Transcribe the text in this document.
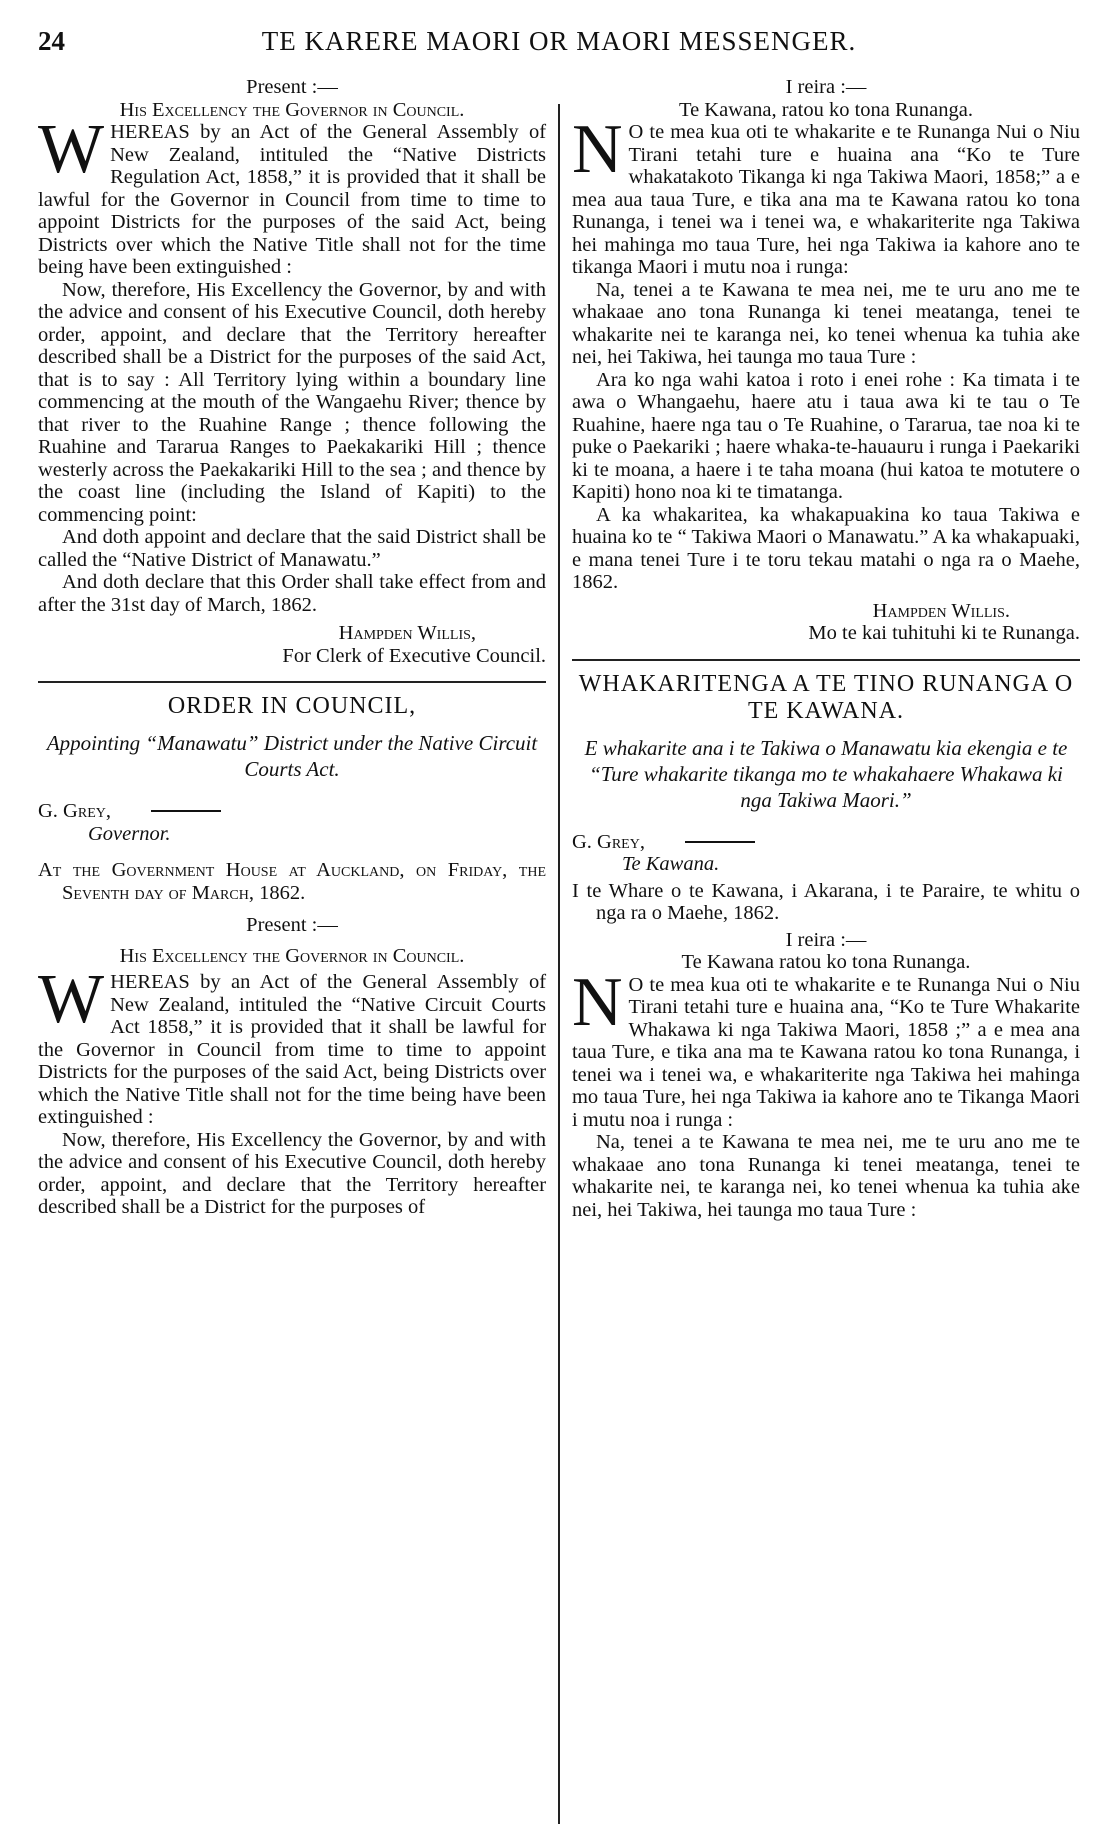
24	TE KARERE MAORI OR MAORI MESSENGER.

Present :—

His Excellency the Governor in Council.

WHEREAS by an Act of the General Assembly of New Zealand, intituled the “Native Districts Regulation Act, 1858,” it is provided that it shall be lawful for the Governor in Council from time to time to appoint Districts for the purposes of the said Act, being Districts over which the Native Title shall not for the time being have been extinguished :

Now, therefore, His Excellency the Governor, by and with the advice and consent of his Executive Council, doth hereby order, appoint, and declare that the Territory hereafter described shall be a District for the purposes of the said Act, that is to say : All Territory lying within a boundary line commencing at the mouth of the Wangaehu River; thence by that river to the Ruahine Range ; thence following the Ruahine and Tararua Ranges to Paekakariki Hill ; thence westerly across the Paekakariki Hill to the sea ; and thence by the coast line (including the Island of Kapiti) to the commencing point:

And doth appoint and declare that the said District shall be called the “Native District of Manawatu.”

And doth declare that this Order shall take effect from and after the 31st day of March, 1862.

Hampden Willis,

For Clerk of Executive Council.

ORDER IN COUNCIL,
Appointing “Manawatu” District under the Native Circuit Courts Act.

G. Grey,

Governor.

At the Government House at Auckland, on Friday, the Seventh day of March, 1862.

Present :—

His Excellency the Governor in Council.

WHEREAS by an Act of the General Assembly of New Zealand, intituled the “Native Circuit Courts Act 1858,” it is provided that it shall be lawful for the Governor in Council from time to time to appoint Districts for the purposes of the said Act, being Districts over which the Native Title shall not for the time being have been extinguished :

Now, therefore, His Excellency the Governor, by and with the advice and consent of his Executive Council, doth hereby order, appoint, and declare that the Territory hereafter described shall be a District for the purposes of

I reira :—

Te Kawana, ratou ko tona Runanga.

N O te mea kua oti te whakarite e te Runanga Nui o Niu Tirani tetahi ture e huaina ana “Ko te Ture whakatakoto Tikanga ki nga Takiwa Maori, 1858;” a e mea aua taua Ture, e tika ana ma te Kawana ratou ko tona Runanga, i tenei wa i tenei wa, e whakariterite nga Takiwa hei mahinga mo taua Ture, hei nga Takiwa ia kahore ano te tikanga Maori i mutu noa i runga:

Na, tenei a te Kawana te mea nei, me te uru ano me te whakaae ano tona Runanga ki tenei meatanga, tenei te whakarite nei te karanga nei, ko tenei whenua ka tuhia ake nei, hei Takiwa, hei taunga mo taua Ture :

Ara ko nga wahi katoa i roto i enei rohe : Ka timata i te awa o Whangaehu, haere atu i taua awa ki te tau o Te Ruahine, haere nga tau o Te Ruahine, o Tararua, tae noa ki te puke o Paekariki ; haere whaka-te-hauauru i runga i Paekariki ki te moana, a haere i te taha moana (hui katoa te motutere o Kapiti) hono noa ki te timatanga.

A ka whakaritea, ka whakapuakina ko taua Takiwa e huaina ko te “ Takiwa Maori o Manawatu.” A ka whakapuaki, e mana tenei Ture i te toru tekau matahi o nga ra o Maehe, 1862.

Hampden Willis.

Mo te kai tuhituhi ki te Runanga.

WHAKARITENGA A TE TINO RUNANGA O TE KAWANA.
E whakarite ana i te Takiwa o Manawatu kia ekengia e te “Ture whakarite tikanga mo te whakahaere Whakawa ki nga Takiwa Maori.”

G. Grey,

Te Kawana.

I te Whare o te Kawana, i Akarana, i te Paraire, te whitu o nga ra o Maehe, 1862.

I reira :—

Te Kawana ratou ko tona Runanga.

N O te mea kua oti te whakarite e te Runanga Nui o Niu Tirani tetahi ture e huaina ana, “Ko te Ture Whakarite Whakawa ki nga Takiwa Maori, 1858 ;” a e mea ana taua Ture, e tika ana ma te Kawana ratou ko tona Runanga, i tenei wa i tenei wa, e whakariterite nga Takiwa hei mahinga mo taua Ture, hei nga Takiwa ia kahore ano te Tikanga Maori i mutu noa i runga :

Na, tenei a te Kawana te mea nei, me te uru ano me te whakaae ano tona Runanga ki tenei meatanga, tenei te whakarite nei, te karanga nei, ko tenei whenua ka tuhia ake nei, hei Takiwa, hei taunga mo taua Ture :
